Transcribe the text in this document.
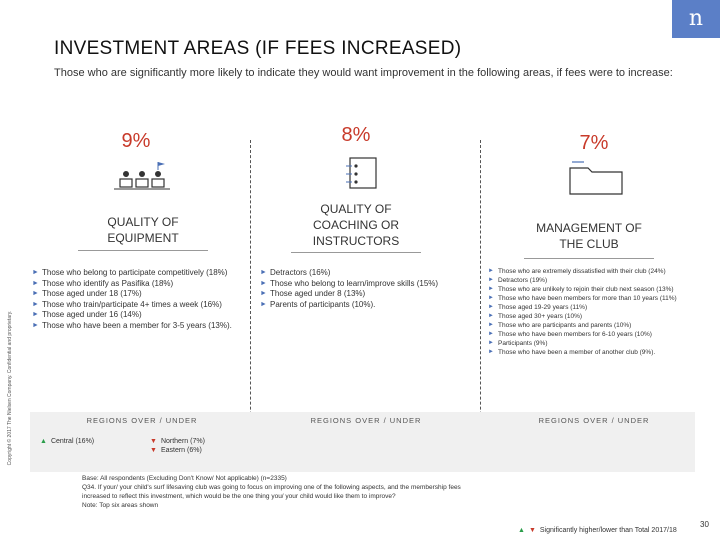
n
INVESTMENT AREAS (IF FEES INCREASED)
Those who are significantly more likely to indicate they would want improvement in the following areas, if fees were to increase:
Copyright © 2017 The Nielsen Company. Confidential and proprietary.
9%
QUALITY OF EQUIPMENT
► Those who belong to participate competitively (18%)
► Those who identify as Pasifika (18%)
► Those aged under 18 (17%)
► Those who train/participate 4+ times a week (16%)
► Those aged under 16 (14%)
► Those who have been a member for 3-5 years (13%).
8%
QUALITY OF COACHING OR INSTRUCTORS
► Detractors (16%)
► Those who belong to learn/improve skills (15%)
► Those aged under 8 (13%)
► Parents of participants (10%).
7%
MANAGEMENT OF THE CLUB
► Those who are extremely dissatisfied with their club (24%)
► Detractors (19%)
► Those who are unlikely to rejoin their club next season (13%)
► Those who have been members for more than 10 years (11%)
► Those aged 19-29 years (11%)
► Those aged 30+ years (10%)
► Those who are participants and parents (10%)
► Those who have been members for 6-10 years (10%)
► Participants (9%)
► Those who have been a member of another club (9%).
REGIONS OVER / UNDER	REGIONS OVER / UNDER	REGIONS OVER / UNDER
▲ Central (16%)	▼ Northern (7%)
▼ Eastern (6%)
Base: All respondents (Excluding Don't Know/ Not applicable) (n=2335)
Q34. If your/ your child's surf lifesaving club was going to focus on improving one of the following aspects, and the membership fees increased to reflect this investment, which would be the one thing you/ your child would like them to improve?
Note: Top six areas shown
▲ ▼ Significantly higher/lower than Total 2017/18
30
